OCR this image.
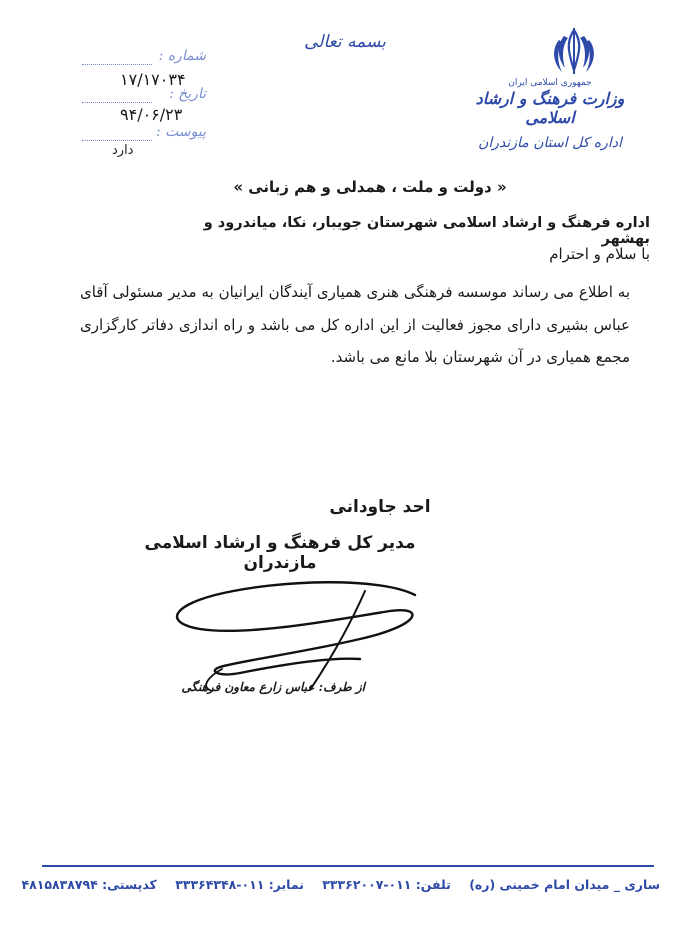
جمهوری اسلامی ایران
وزارت فرهنگ و ارشاد اسلامی
اداره کل استان مازندران
بسمه تعالی
شماره :
۱۷/۱۷۰۳۴
تاریخ :
۹۴/۰۶/۲۳
پیوست :
دارد
« دولت و ملت ، همدلی و هم زبانی »
اداره فرهنگ و ارشاد اسلامی شهرستان جویبار، نکا، میاندرود و بهشهر
با سلام و احترام
به اطلاع می رساند موسسه فرهنگی هنری همیاری آیندگان ایرانیان به مدیر مسئولی آقای عباس بشیری دارای مجوز فعالیت از این اداره کل می باشد و راه اندازی دفاتر کارگزاری مجمع همیاری در آن شهرستان بلا مانع می باشد.
احد جاودانی
مدیر کل فرهنگ و ارشاد اسلامی مازندران
از طرف: عباس زارع معاون فرهنگی
ساری _ میدان امام خمینی (ره) تلفن: ۰۱۱-۳۳۳۶۲۰۰۷ نمابر: ۰۱۱-۳۳۳۶۴۳۴۸ کدپستی: ۴۸۱۵۸۳۸۷۹۴
